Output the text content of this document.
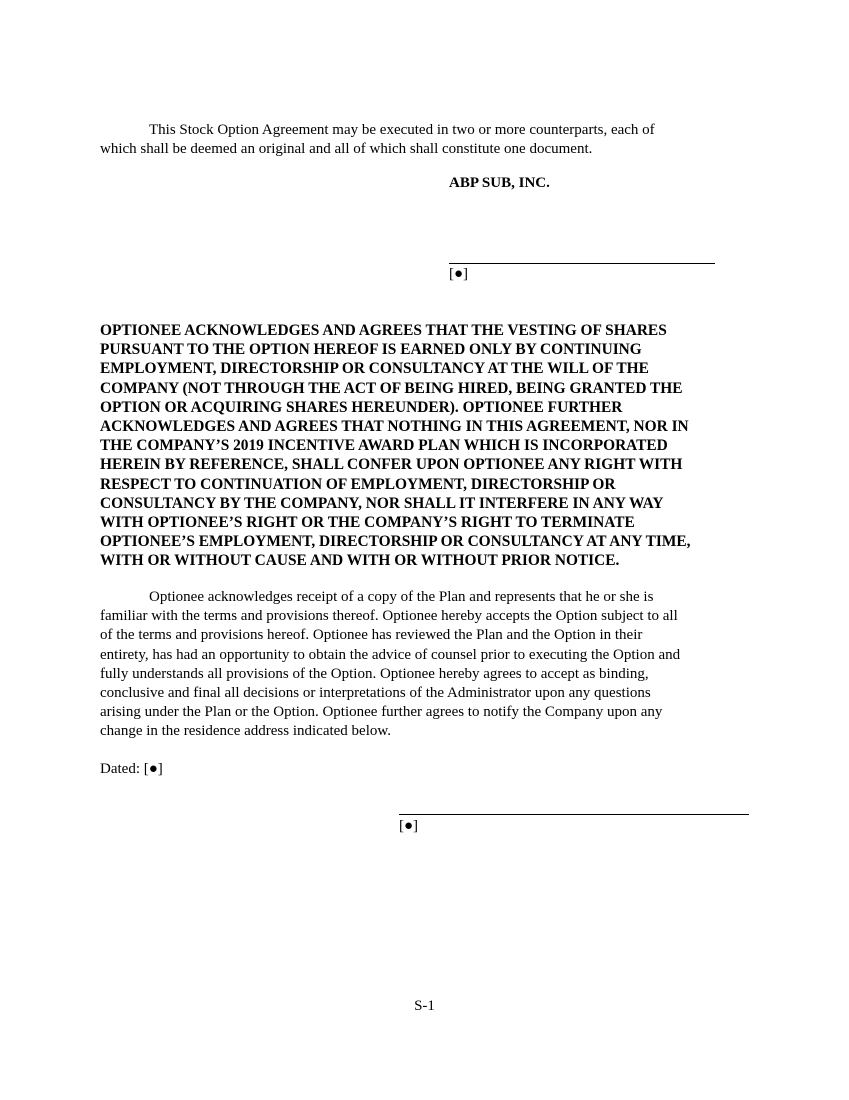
This Stock Option Agreement may be executed in two or more counterparts, each of
which shall be deemed an original and all of which shall constitute one document.

ABP SUB, INC.

[●]

OPTIONEE ACKNOWLEDGES AND AGREES THAT THE VESTING OF SHARES
PURSUANT TO THE OPTION HEREOF IS EARNED ONLY BY CONTINUING
EMPLOYMENT, DIRECTORSHIP OR CONSULTANCY AT THE WILL OF THE
COMPANY (NOT THROUGH THE ACT OF BEING HIRED, BEING GRANTED THE
OPTION OR ACQUIRING SHARES HEREUNDER). OPTIONEE FURTHER
ACKNOWLEDGES AND AGREES THAT NOTHING IN THIS AGREEMENT, NOR IN
THE COMPANY’S 2019 INCENTIVE AWARD PLAN WHICH IS INCORPORATED
HEREIN BY REFERENCE, SHALL CONFER UPON OPTIONEE ANY RIGHT WITH
RESPECT TO CONTINUATION OF EMPLOYMENT, DIRECTORSHIP OR
CONSULTANCY BY THE COMPANY, NOR SHALL IT INTERFERE IN ANY WAY
WITH OPTIONEE’S RIGHT OR THE COMPANY’S RIGHT TO TERMINATE
OPTIONEE’S EMPLOYMENT, DIRECTORSHIP OR CONSULTANCY AT ANY TIME,
WITH OR WITHOUT CAUSE AND WITH OR WITHOUT PRIOR NOTICE.

Optionee acknowledges receipt of a copy of the Plan and represents that he or she is
familiar with the terms and provisions thereof. Optionee hereby accepts the Option subject to all
of the terms and provisions hereof. Optionee has reviewed the Plan and the Option in their
entirety, has had an opportunity to obtain the advice of counsel prior to executing the Option and
fully understands all provisions of the Option. Optionee hereby agrees to accept as binding,
conclusive and final all decisions or interpretations of the Administrator upon any questions
arising under the Plan or the Option. Optionee further agrees to notify the Company upon any
change in the residence address indicated below.

Dated: [●]

[●]

S-1
